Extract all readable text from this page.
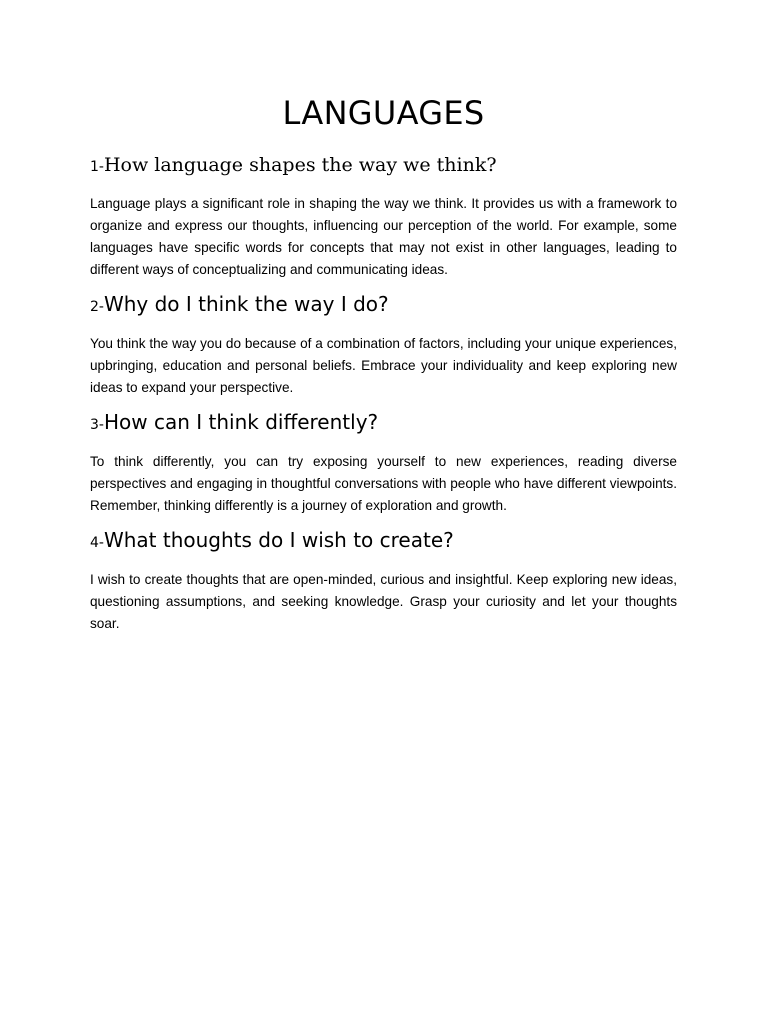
LANGUAGES
1-How language shapes the way we think?

Language plays a significant role in shaping the way we think. It provides us with a framework to organize and express our thoughts, influencing our perception of the world. For example, some languages have specific words for concepts that may not exist in other languages, leading to different ways of conceptualizing and communicating ideas.

2-Why do I think the way I do?

You think the way you do because of a combination of factors, including your unique experiences, upbringing, education and personal beliefs. Embrace your individuality and keep exploring new ideas to expand your perspective.

3-How can I think differently?

To think differently, you can try exposing yourself to new experiences, reading diverse perspectives and engaging in thoughtful conversations with people who have different viewpoints. Remember, thinking differently is a journey of exploration and growth.

4-What thoughts do I wish to create?

I wish to create thoughts that are open-minded, curious and insightful. Keep exploring new ideas, questioning assumptions, and seeking knowledge. Grasp your curiosity and let your thoughts soar.
